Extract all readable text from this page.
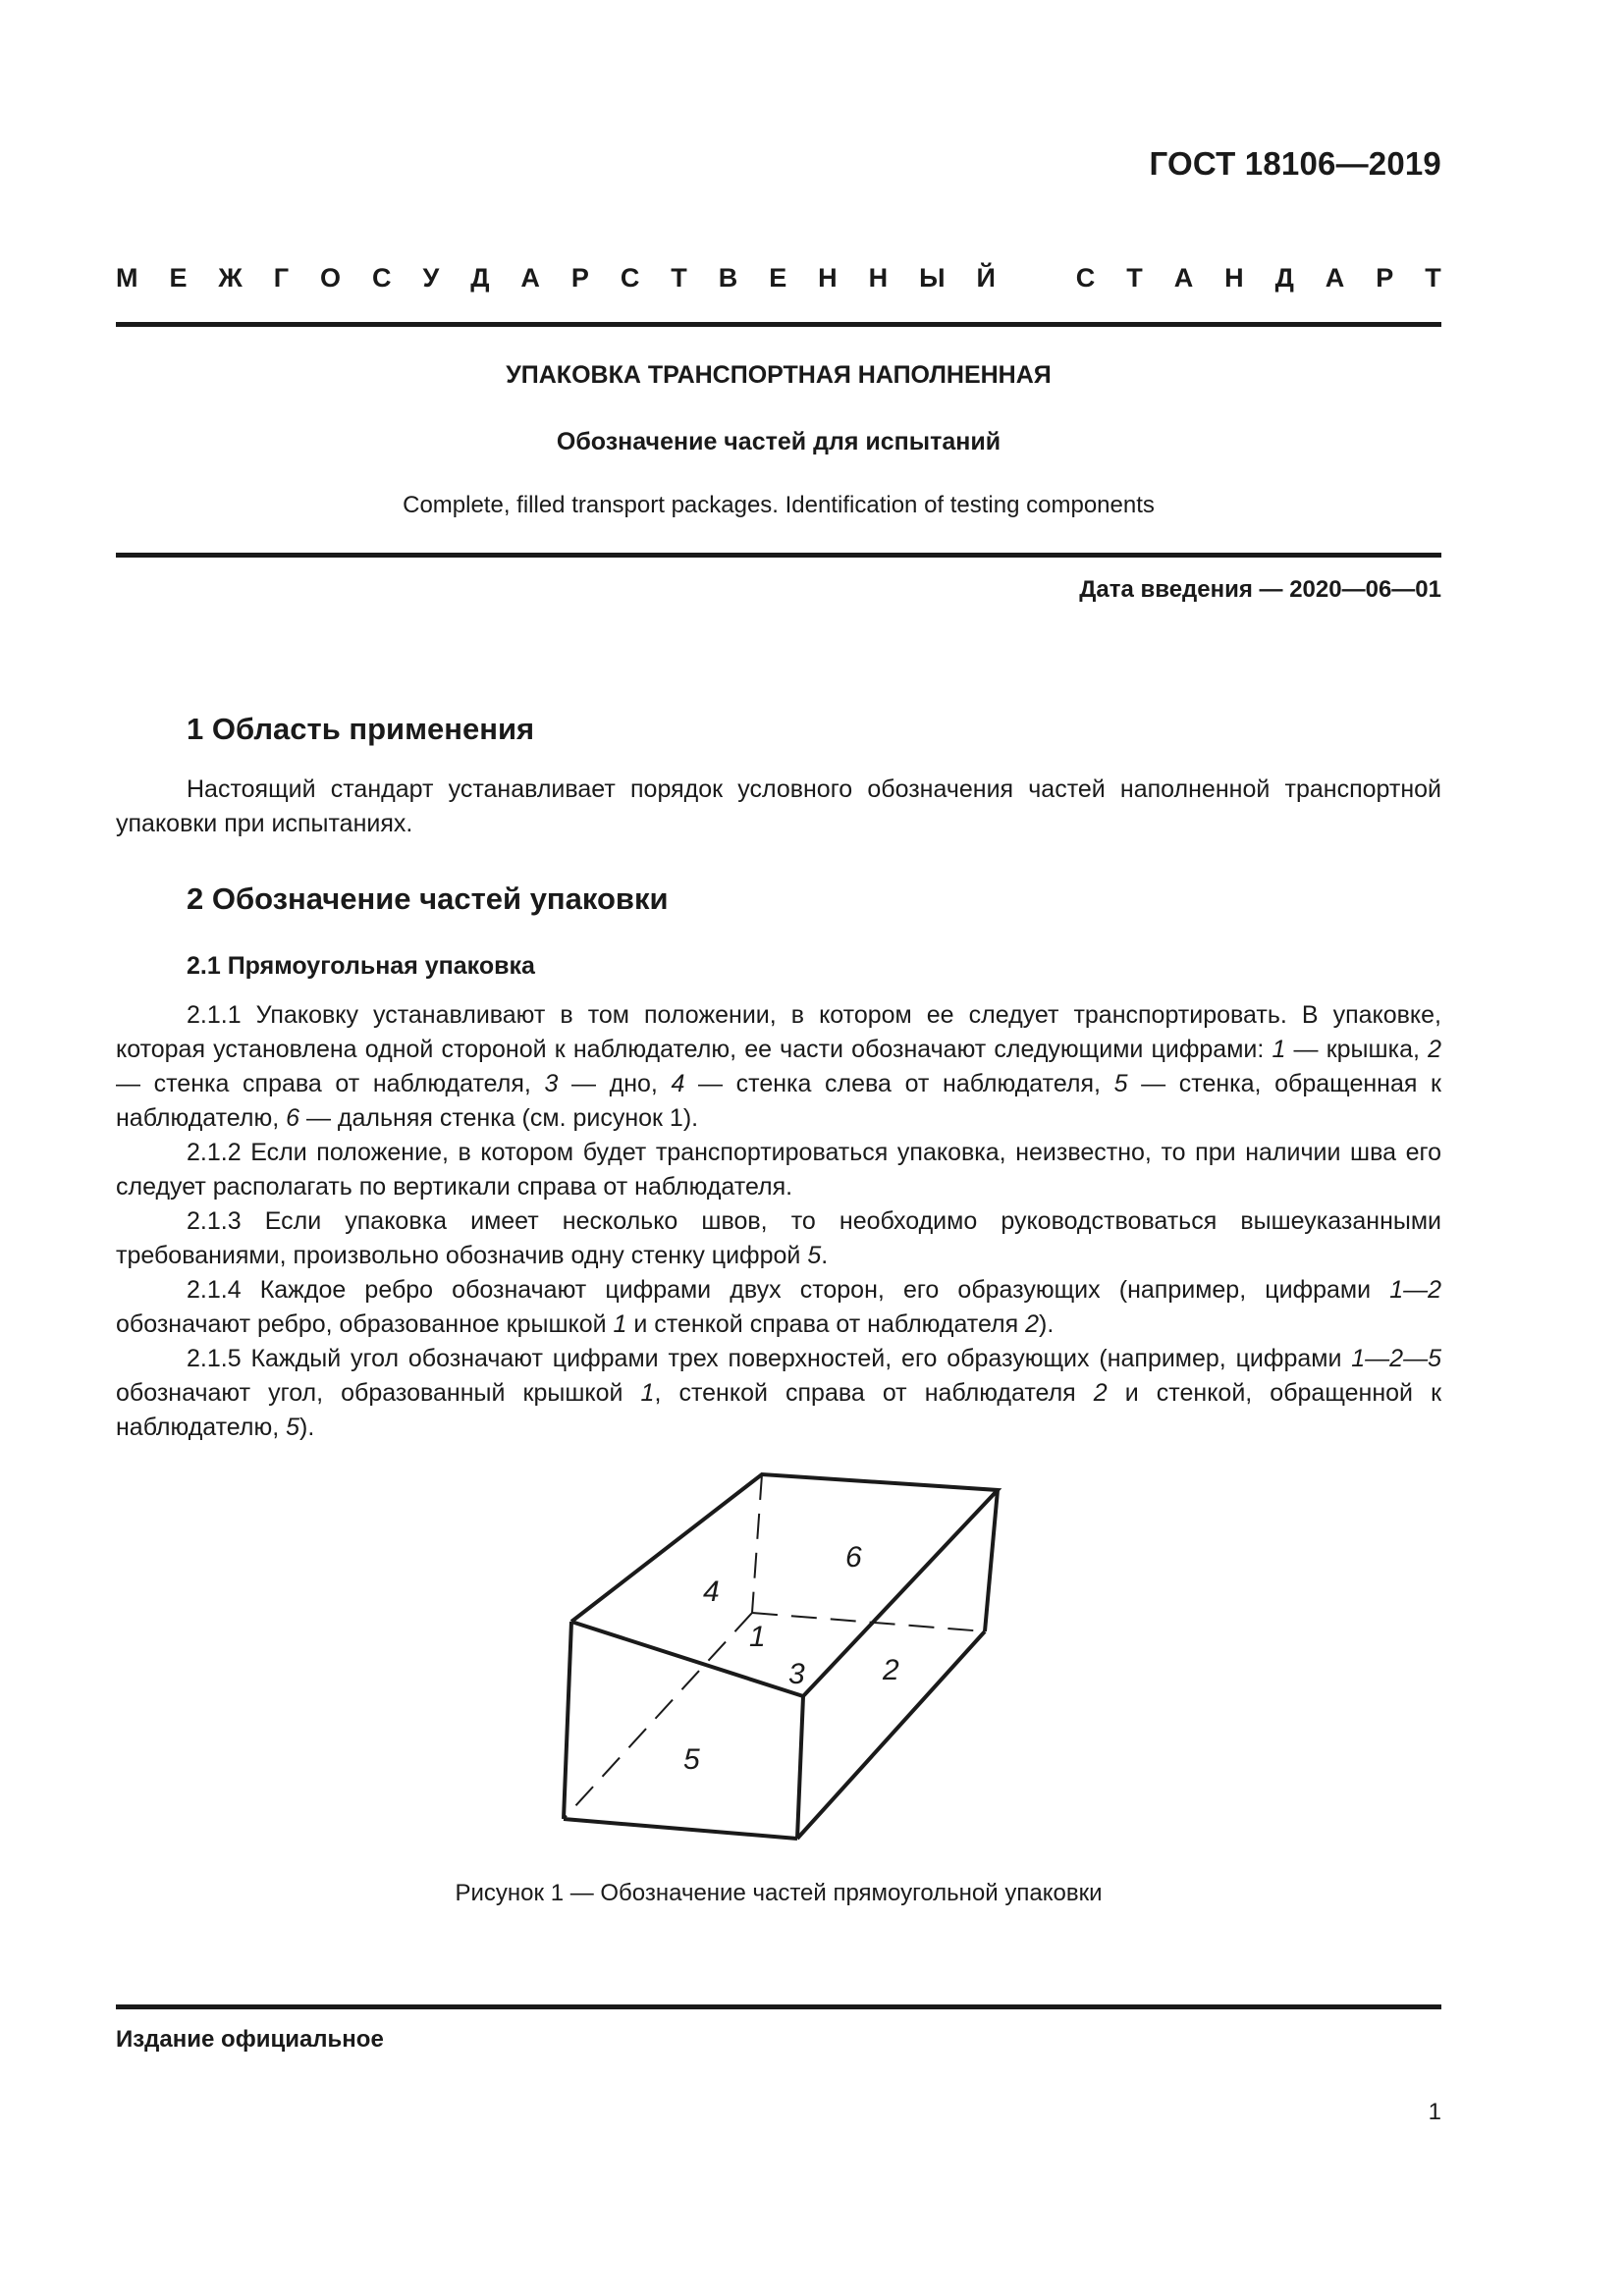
ГОСТ 18106—2019
М Е Ж Г О С У Д А Р С Т В Е Н Н Ы Й	С Т А Н Д А Р Т
УПАКОВКА ТРАНСПОРТНАЯ НАПОЛНЕННАЯ
Обозначение частей для испытаний
Complete, filled transport packages. Identification of testing components
Дата введения — 2020—06—01
1 Область применения

Настоящий стандарт устанавливает порядок условного обозначения частей наполненной транспортной упаковки при испытаниях.

2 Обозначение частей упаковки
2.1 Прямоугольная упаковка

2.1.1 Упаковку устанавливают в том положении, в котором ее следует транспортировать. В упаковке, которая установлена одной стороной к наблюдателю, ее части обозначают следующими цифрами: 1 — крышка, 2 — стенка справа от наблюдателя, 3 — дно, 4 — стенка слева от наблюдателя, 5 — стенка, обращенная к наблюдателю, 6 — дальняя стенка (см. рисунок 1).

2.1.2 Если положение, в котором будет транспортироваться упаковка, неизвестно, то при наличии шва его следует располагать по вертикали справа от наблюдателя.

2.1.3 Если упаковка имеет несколько швов, то необходимо руководствоваться вышеуказанными требованиями, произвольно обозначив одну стенку цифрой 5.

2.1.4 Каждое ребро обозначают цифрами двух сторон, его образующих (например, цифрами 1—2 обозначают ребро, образованное крышкой 1 и стенкой справа от наблюдателя 2).

2.1.5 Каждый угол обозначают цифрами трех поверхностей, его образующих (например, цифрами 1—2—5 обозначают угол, образованный крышкой 1, стенкой справа от наблюдателя 2 и стенкой, обращенной к наблюдателю, 5).

6
4
1
2
3
5
Рисунок 1 — Обозначение частей прямоугольной упаковки
Издание официальное
1
